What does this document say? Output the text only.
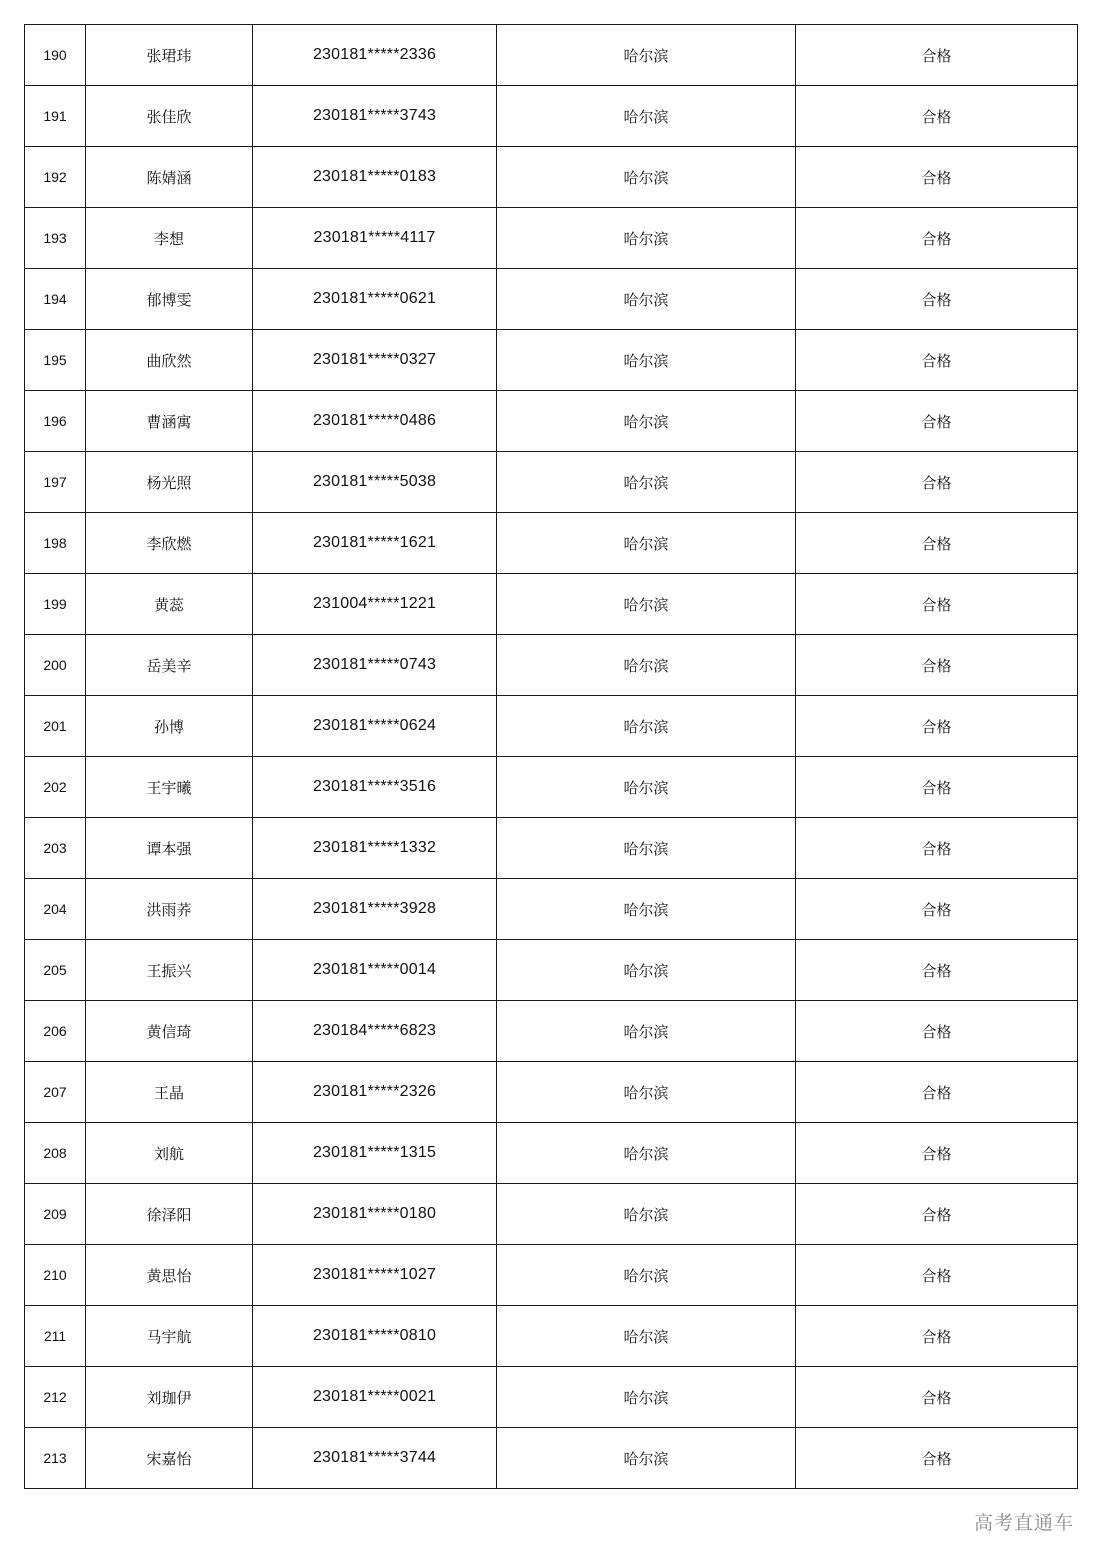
190	张珺玮	230181*****2336	哈尔滨	合格
191	张佳欣	230181*****3743	哈尔滨	合格
192	陈婧涵	230181*****0183	哈尔滨	合格
193	李想	230181*****4117	哈尔滨	合格
194	郁博雯	230181*****0621	哈尔滨	合格
195	曲欣然	230181*****0327	哈尔滨	合格
196	曹涵寓	230181*****0486	哈尔滨	合格
197	杨光照	230181*****5038	哈尔滨	合格
198	李欣燃	230181*****1621	哈尔滨	合格
199	黄蕊	231004*****1221	哈尔滨	合格
200	岳美辛	230181*****0743	哈尔滨	合格
201	孙博	230181*****0624	哈尔滨	合格
202	王宇曦	230181*****3516	哈尔滨	合格
203	谭本强	230181*****1332	哈尔滨	合格
204	洪雨荞	230181*****3928	哈尔滨	合格
205	王振兴	230181*****0014	哈尔滨	合格
206	黄信琦	230184*****6823	哈尔滨	合格
207	王晶	230181*****2326	哈尔滨	合格
208	刘航	230181*****1315	哈尔滨	合格
209	徐泽阳	230181*****0180	哈尔滨	合格
210	黄思怡	230181*****1027	哈尔滨	合格
211	马宇航	230181*****0810	哈尔滨	合格
212	刘珈伊	230181*****0021	哈尔滨	合格
213	宋嘉怡	230181*****3744	哈尔滨	合格
高考直通车
